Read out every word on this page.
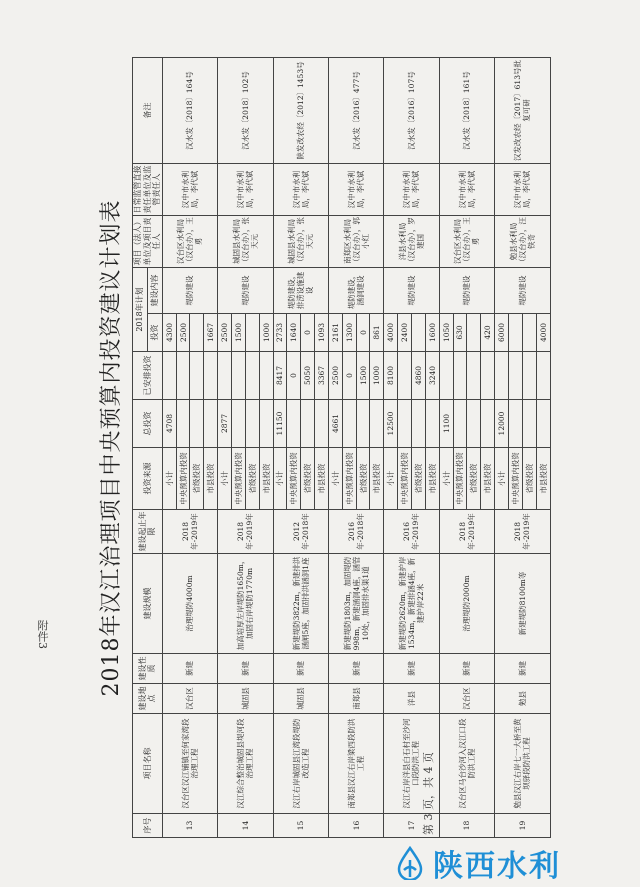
附件3	2018年汉江治理项目中央预算内投资建议计划表
序号	项目名称	建设地点	建设性质	建设规模	建设起止年限	投资来源	总投资	已安排投资	2018年计划		项目（法人）单位及项目责任人	日常监管直接责任单位及监管责任人	备注
									投资	建设内容			
13	汉台区汉江铺镇至何家湾段治理工程	汉台区	新建	治理堤防4000m	2018年-2019年	小计	4708		4300	堤防建设	汉台区水利局（汉台办），王勇	汉中市水利局，李代斌	汉水发〔2018〕164号
						中央预算内投资			2500				
						省级投资							
						市县投资			1667				
14	汉江综合整治城固县堤河段治理工程	城固县	新建	加高培厚左岸堤防1650m，加固右岸堤防1770m	2018年-2019年	小计	2877		2500	堤防建设	城固县水利局（汉台办），张天元	汉中市水利局，李代斌	汉水发〔2018〕102号
						中央预算内投资			1500				
						省级投资							
						市县投资			1000				
15	汉江右岸城固县江湾段堤防改造工程	城固县	新建	新建堤防3822m，新建排洪涵闸5座，加固排洪涵洞1座	2012年-2018年	小计	11150	8417	2733	堤防建设，排涝设施建设	城固县水利局（汉台办），张天元	汉中市水利局，李代斌	陕发改农经〔2012〕1453号
						中央预算内投资		0	1640				
						省级投资		5050	0				
						市县投资		3367	1093				
16	南郑县汉江右岸梁西段防洪工程	南郑县	新建	新建堤防1803m，加固堤防998m，新建涵洞4座，涵管10处，加固排水渠1道	2016年-2018年	小计	4661	2500	2161	堤防建设，涵洞建设	南郑区水利局（汉台办），郭小红	汉中市水利局，李代斌	汉水发〔2016〕477号
						中央预算内投资		0	1300				
						省级投资		1500	0				
						市县投资		1000	861				
17	汉江右岸洋县白石村至沙河口段防洪工程	洋县	新建	新建堤防2620m，新建护岸1534m，新建排涵4座，新建护岸22米	2016年-2019年	小计	12500	8100	4000	堤防建设	洋县水利局（汉台办），罗建国	汉中市水利局，李代斌	汉水发〔2016〕107号
						中央预算内投资			2400				
						省级投资		4860					
						市县投资		3240	1600				
18	汉台区马台沙河入汉江口段防洪工程	汉台区	新建	治理堤防2000m	2018年-2019年	小计	1100		1050	堤防建设	汉台区水利局（汉台办），王勇	汉中市水利局，李代斌	汉水发〔2018〕161号
						中央预算内投资			630				
						省级投资							
						市县投资			420				
19	勉县汉江右岸七一大桥至黄坝驿段防洪工程	勉县	新建	新建堤防8100m等	2018年-2019年	小计	12000		6000	堤防建设	勉县水利局（汉台办），汪铁奇	汉中市水利局，李代斌	汉发改农经〔2017〕613号批复可研
						中央预算内投资							
						省级投资							
						市县投资			4000				
第 3 页，共 4 页
陕西水利
